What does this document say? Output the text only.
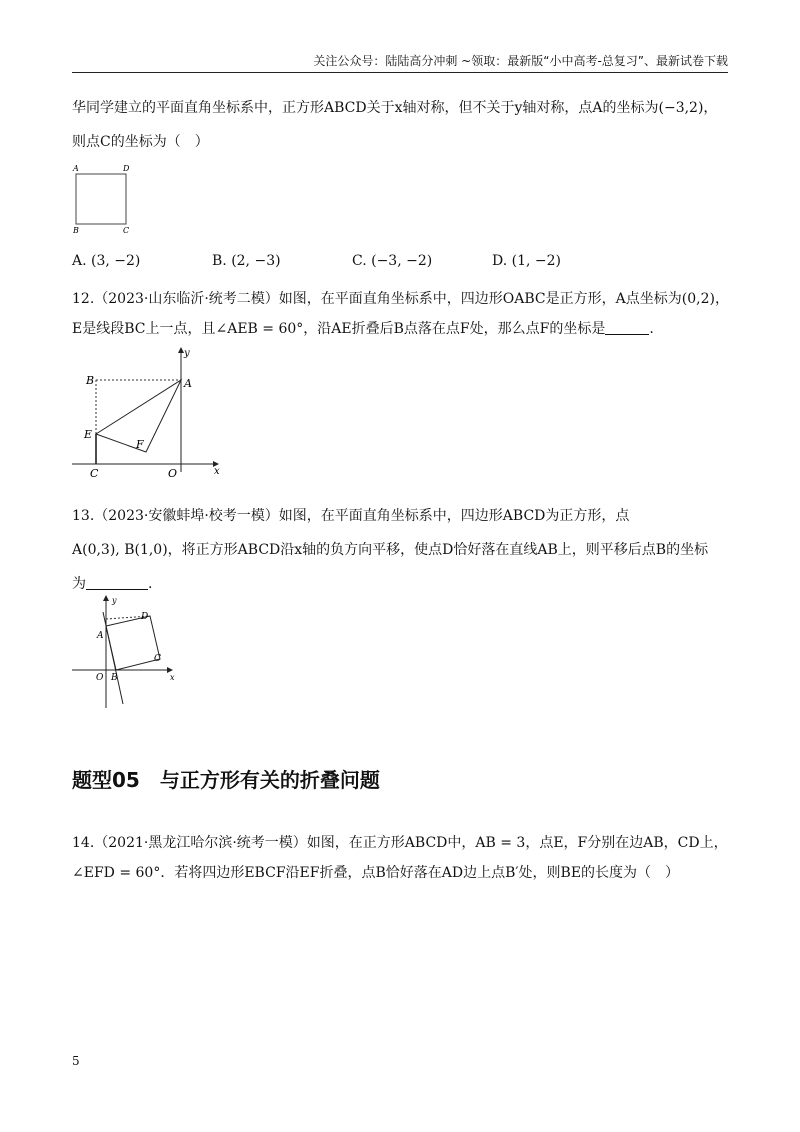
关注公众号：陆陆高分冲刺 ~领取：最新版“小中高考-总复习”、最新试卷下载
华同学建立的平面直角坐标系中，正方形ABCD关于x轴对称，但不关于y轴对称，点A的坐标为(−3,2)，
则点C的坐标为（　）
A	D
B	C
A. (3, −2)	B. (2, −3)	C. (−3, −2)	D. (1, −2)
12.（2023·山东临沂·统考二模）如图，在平面直角坐标系中，四边形OABC是正方形，A点坐标为(0,2)，
E是线段BC上一点，且∠AEB = 60°，沿AE折叠后B点落在点F处，那么点F的坐标是	.
y
x
B	A
E
F
C	O
13.（2023·安徽蚌埠·校考一模）如图，在平面直角坐标系中，四边形ABCD为正方形，点
A(0,3), B(1,0)，将正方形ABCD沿x轴的负方向平移，使点D恰好落在直线AB上，则平移后点B的坐标
为	.
y
x
A
D
C
O B
题型05　与正方形有关的折叠问题
14.（2021·黑龙江哈尔滨·统考一模）如图，在正方形ABCD中，AB = 3，点E，F分别在边AB，CD上，
∠EFD = 60°．若将四边形EBCF沿EF折叠，点B恰好落在AD边上点B′处，则BE的长度为（　）
5
